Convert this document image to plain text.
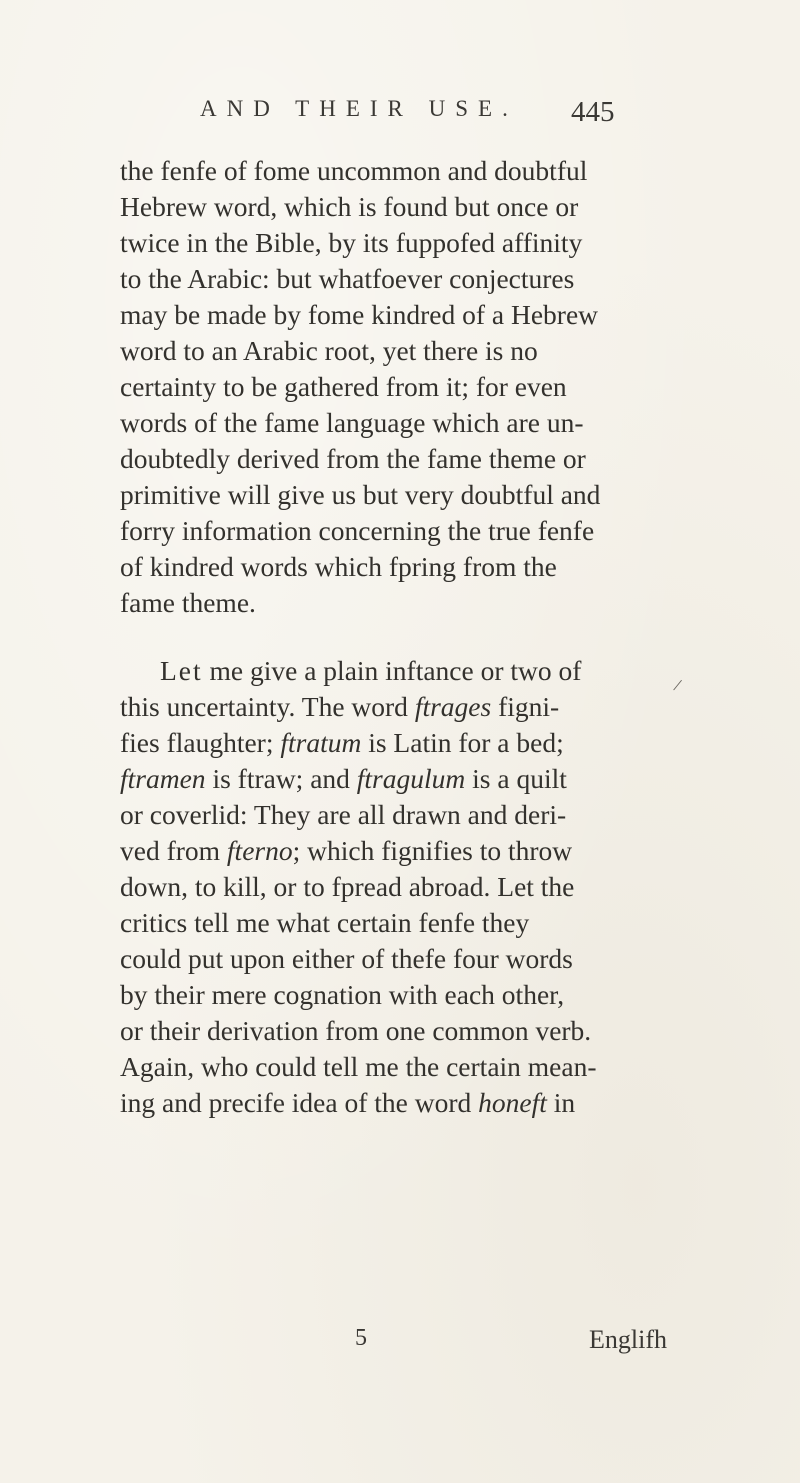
AND THEIR USE. 445
the fenfe of fome uncommon and doubtful
Hebrew word, which is found but once or
twice in the Bible, by its fuppofed affinity
to the Arabic: but whatfoever conjectures
may be made by fome kindred of a Hebrew
word to an Arabic root, yet there is no
certainty to be gathered from it; for even
words of the fame language which are un-
doubtedly derived from the fame theme or
primitive will give us but very doubtful and
forry information concerning the true fenfe
of kindred words which fpring from the
fame theme.
/
Let me give a plain inftance or two of
this uncertainty. The word ftrages figni-
fies flaughter; ftratum is Latin for a bed;
ftramen is ftraw; and ftragulum is a quilt
or coverlid: They are all drawn and deri-
ved from fterno; which fignifies to throw
down, to kill, or to fpread abroad. Let the
critics tell me what certain fenfe they
could put upon either of thefe four words
by their mere cognation with each other,
or their derivation from one common verb.
Again, who could tell me the certain mean-
ing and precife idea of the word honeft in
5	Englifh
